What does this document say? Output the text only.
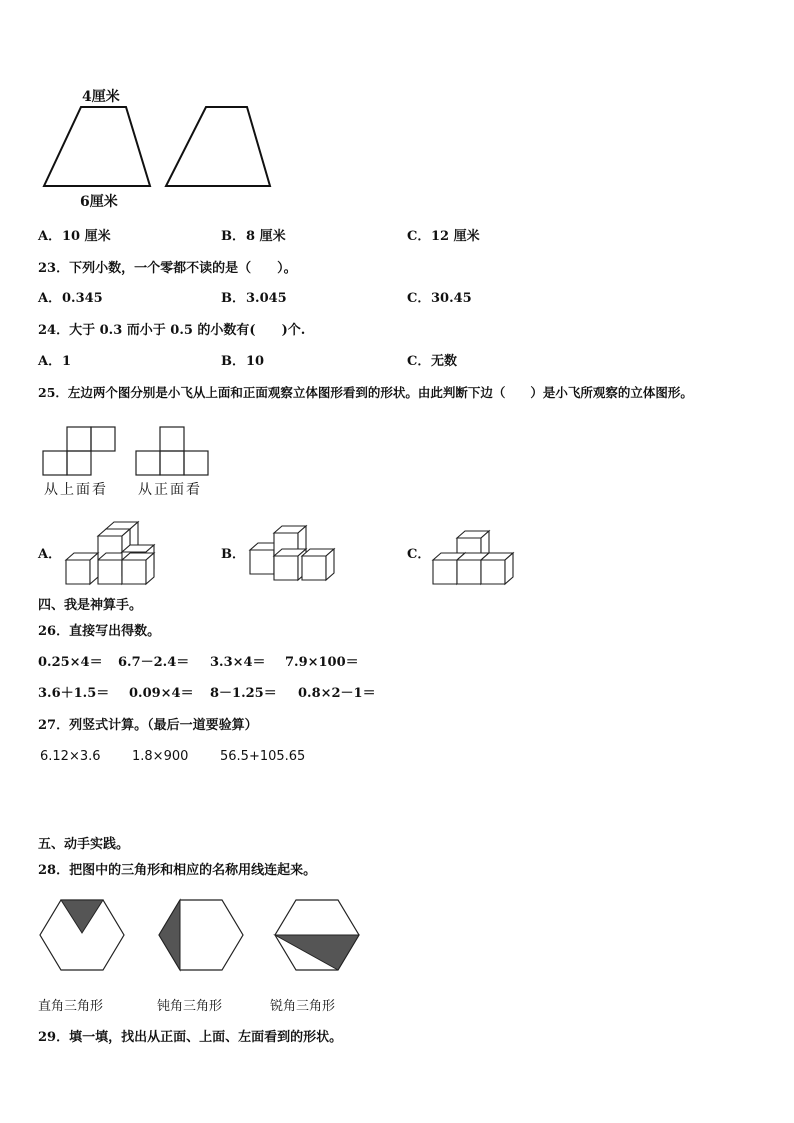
4厘米
6厘米
A． 10 厘米	B． 8 厘米	C． 12 厘米
23．下列小数，一个零都不读的是（　　）。
A． 0.345	B． 3.045	C． 30.45
24．大于 0.3 而小于 0.5 的小数有(　　)个.
A． 1	B． 10	C． 无数
25．左边两个图分别是小飞从上面和正面观察立体图形看到的形状。由此判断下边（　　）是小飞所观察的立体图形。
从上面看 从正面看
A．	B．	C．
四、我是神算手。
26．直接写出得数。
0.25×4＝ 6.7－2.4＝ 3.3×4＝ 7.9×100＝
3.6＋1.5＝ 0.09×4＝ 8－1.25＝ 0.8×2－1＝
27．列竖式计算。（最后一道要验算）
6.12×3.6 1.8×900 56.5+105.65
五、动手实践。
28．把图中的三角形和相应的名称用线连起来。
直角三角形	钝角三角形	锐角三角形
29．填一填，找出从正面、上面、左面看到的形状。
